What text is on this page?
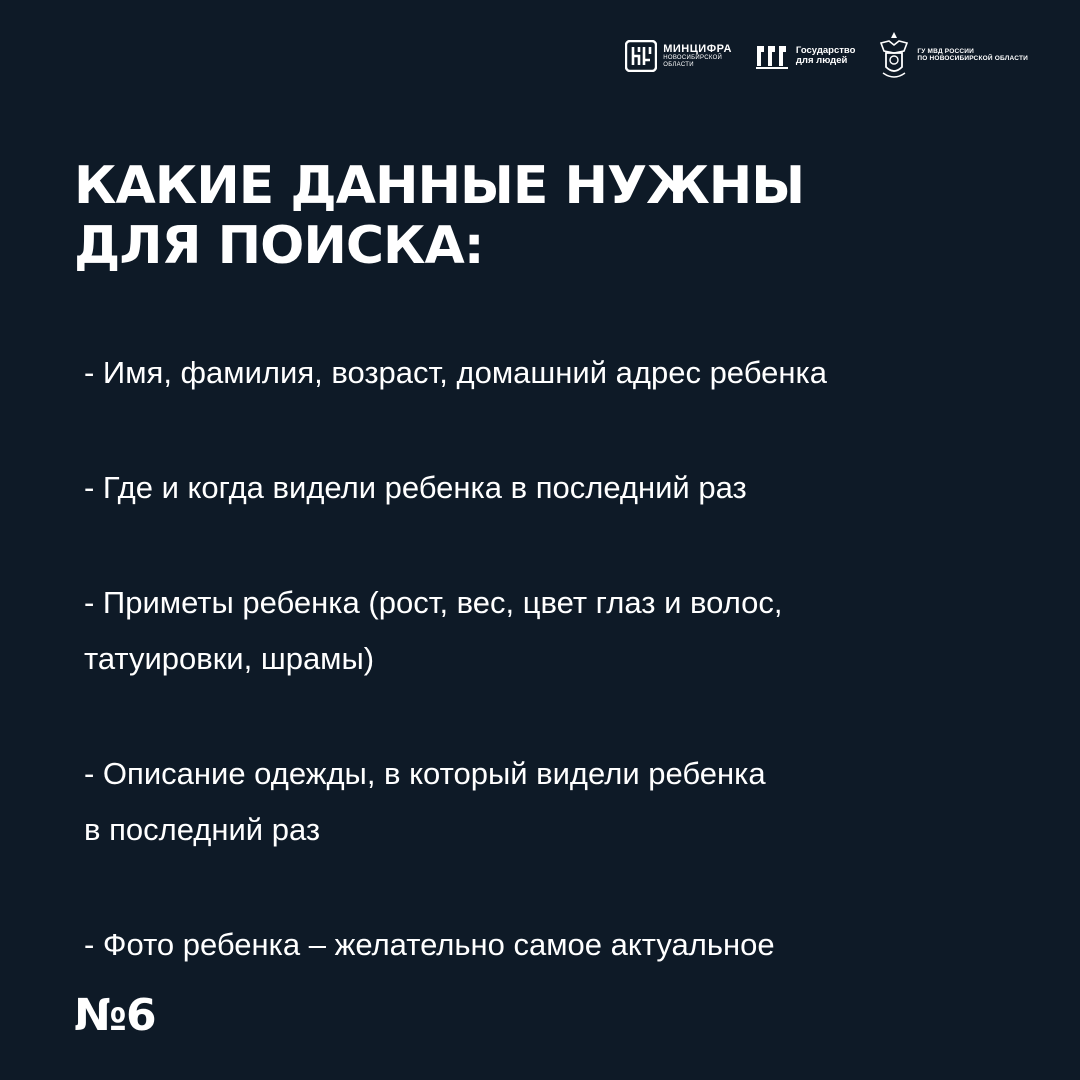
МИНЦИФРА
НОВОСИБИРСКОЙ
ОБЛАСТИ
Государство
для людей
ГУ МВД РОССИИ
ПО НОВОСИБИРСКОЙ ОБЛАСТИ
КАКИЕ ДАННЫЕ НУЖНЫ
ДЛЯ ПОИСКА:
- Имя, фамилия, возраст, домашний адрес ребенка
- Где и когда видели ребенка в последний раз
- Приметы ребенка (рост, вес, цвет глаз и волос,
татуировки, шрамы)
- Описание одежды, в который видели ребенка
в последний раз
- Фото ребенка – желательно самое актуальное
№6
